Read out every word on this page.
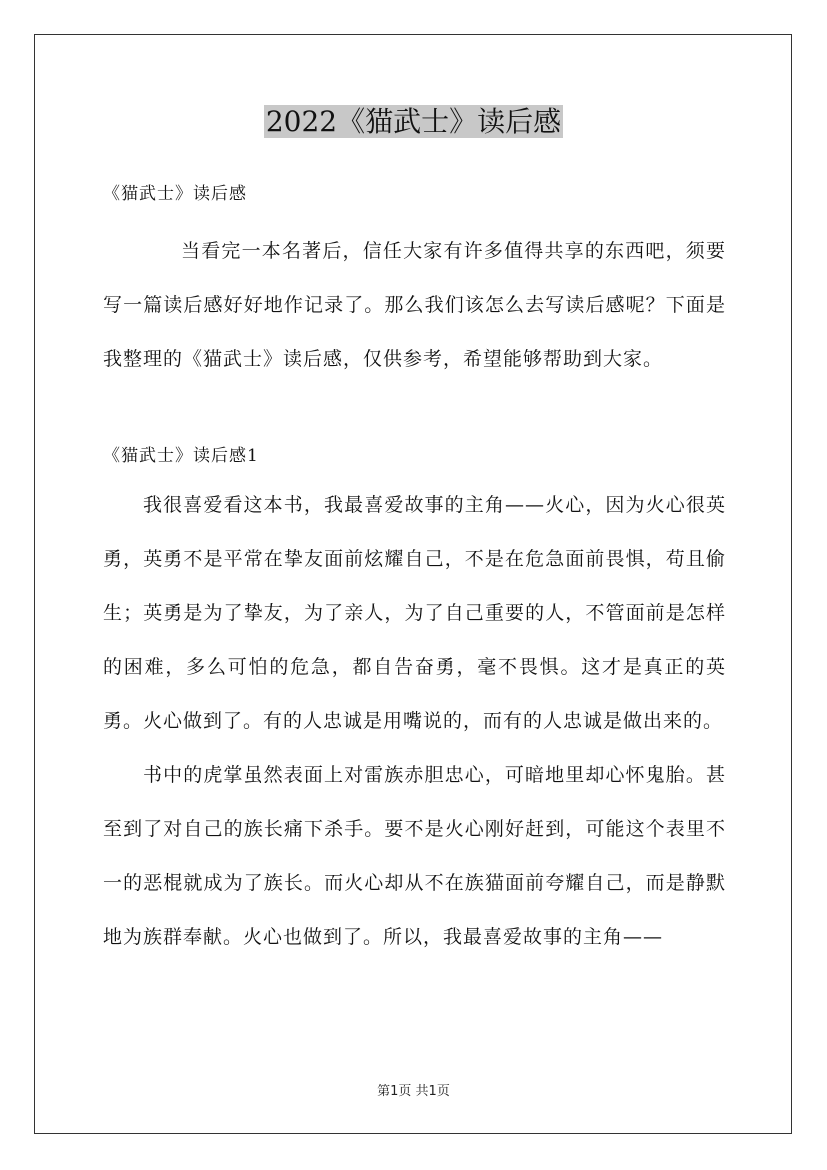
2022《猫武士》读后感

《猫武士》读后感

当看完一本名著后，信任大家有许多值得共享的东西吧，须要写一篇读后感好好地作记录了。那么我们该怎么去写读后感呢？下面是我整理的《猫武士》读后感，仅供参考，希望能够帮助到大家。

《猫武士》读后感1

我很喜爱看这本书，我最喜爱故事的主角——火心，因为火心很英勇，英勇不是平常在挚友面前炫耀自己，不是在危急面前畏惧，苟且偷生；英勇是为了挚友，为了亲人，为了自己重要的人，不管面前是怎样的困难，多么可怕的危急，都自告奋勇，毫不畏惧。这才是真正的英勇。火心做到了。有的人忠诚是用嘴说的，而有的人忠诚是做出来的。

书中的虎掌虽然表面上对雷族赤胆忠心，可暗地里却心怀鬼胎。甚至到了对自己的族长痛下杀手。要不是火心刚好赶到，可能这个表里不一的恶棍就成为了族长。而火心却从不在族猫面前夸耀自己，而是静默地为族群奉献。火心也做到了。所以，我最喜爱故事的主角——

第1页 共1页
